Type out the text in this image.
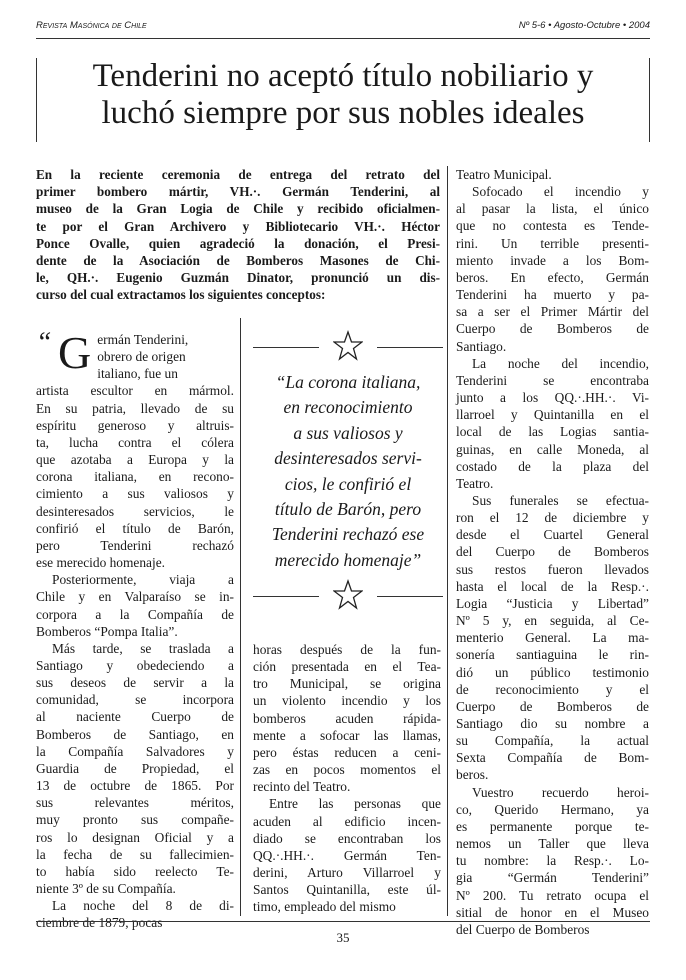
Revista Masónica de Chile	Nº 5-6 • Agosto-Octubre • 2004
Tenderini no aceptó título nobiliario y
luchó siempre por sus nobles ideales
En la reciente ceremonia de entrega del retrato del
primer bombero mártir, VH.·. Germán Tenderini, al
museo de la Gran Logia de Chile y recibido oficialmen-
te por el Gran Archivero y Bibliotecario VH.·. Héctor
Ponce Ovalle, quien agradeció la donación, el Presi-
dente de la Asociación de Bomberos Masones de Chi-
le, QH.·. Eugenio Guzmán Dinator, pronunció un dis-
curso del cual extractamos los siguientes conceptos:
“ G ermán Tenderini,
obrero de origen
italiano, fue un
artista escultor en mármol.
En su patria, llevado de su
espíritu generoso y altruis-
ta, lucha contra el cólera
que azotaba a Europa y la
corona italiana, en recono-
cimiento a sus valiosos y
desinteresados servicios, le
confirió el título de Barón,
pero Tenderini rechazó
ese merecido homenaje.
Posteriormente, viaja a
Chile y en Valparaíso se in-
corpora a la Compañía de
Bomberos “Pompa Italia”.
Más tarde, se traslada a
Santiago y obedeciendo a
sus deseos de servir a la
comunidad, se incorpora
al naciente Cuerpo de
Bomberos de Santiago, en
la Compañía Salvadores y
Guardia de Propiedad, el
13 de octubre de 1865. Por
sus relevantes méritos,
muy pronto sus compañe-
ros lo designan Oficial y a
la fecha de su fallecimien-
to había sido reelecto Te-
niente 3º de su Compañía.
La noche del 8 de di-
ciembre de 1879, pocas
“La corona italiana,
en reconocimiento
a sus valiosos y
desinteresados servi-
cios, le confirió el
título de Barón, pero
Tenderini rechazó ese
merecido homenaje”
horas después de la fun-
ción presentada en el Tea-
tro Municipal, se origina
un violento incendio y los
bomberos acuden rápida-
mente a sofocar las llamas,
pero éstas reducen a ceni-
zas en pocos momentos el
recinto del Teatro.
Entre las personas que
acuden al edificio incen-
diado se encontraban los
QQ.·.HH.·. Germán Ten-
derini, Arturo Villarroel y
Santos Quintanilla, este úl-
timo, empleado del mismo
Teatro Municipal.
Sofocado el incendio y
al pasar la lista, el único
que no contesta es Tende-
rini. Un terrible presenti-
miento invade a los Bom-
beros. En efecto, Germán
Tenderini ha muerto y pa-
sa a ser el Primer Mártir del
Cuerpo de Bomberos de
Santiago.
La noche del incendio,
Tenderini se encontraba
junto a los QQ.·.HH.·. Vi-
llarroel y Quintanilla en el
local de las Logias santia-
guinas, en calle Moneda, al
costado de la plaza del
Teatro.
Sus funerales se efectua-
ron el 12 de diciembre y
desde el Cuartel General
del Cuerpo de Bomberos
sus restos fueron llevados
hasta el local de la Resp.·.
Logia “Justicia y Libertad”
Nº 5 y, en seguida, al Ce-
menterio General. La ma-
sonería santiaguina le rin-
dió un público testimonio
de reconocimiento y el
Cuerpo de Bomberos de
Santiago dio su nombre a
su Compañía, la actual
Sexta Compañía de Bom-
beros.
Vuestro recuerdo heroi-
co, Querido Hermano, ya
es permanente porque te-
nemos un Taller que lleva
tu nombre: la Resp.·. Lo-
gia “Germán Tenderini”
Nº 200. Tu retrato ocupa el
sitial de honor en el Museo
del Cuerpo de Bomberos
35
